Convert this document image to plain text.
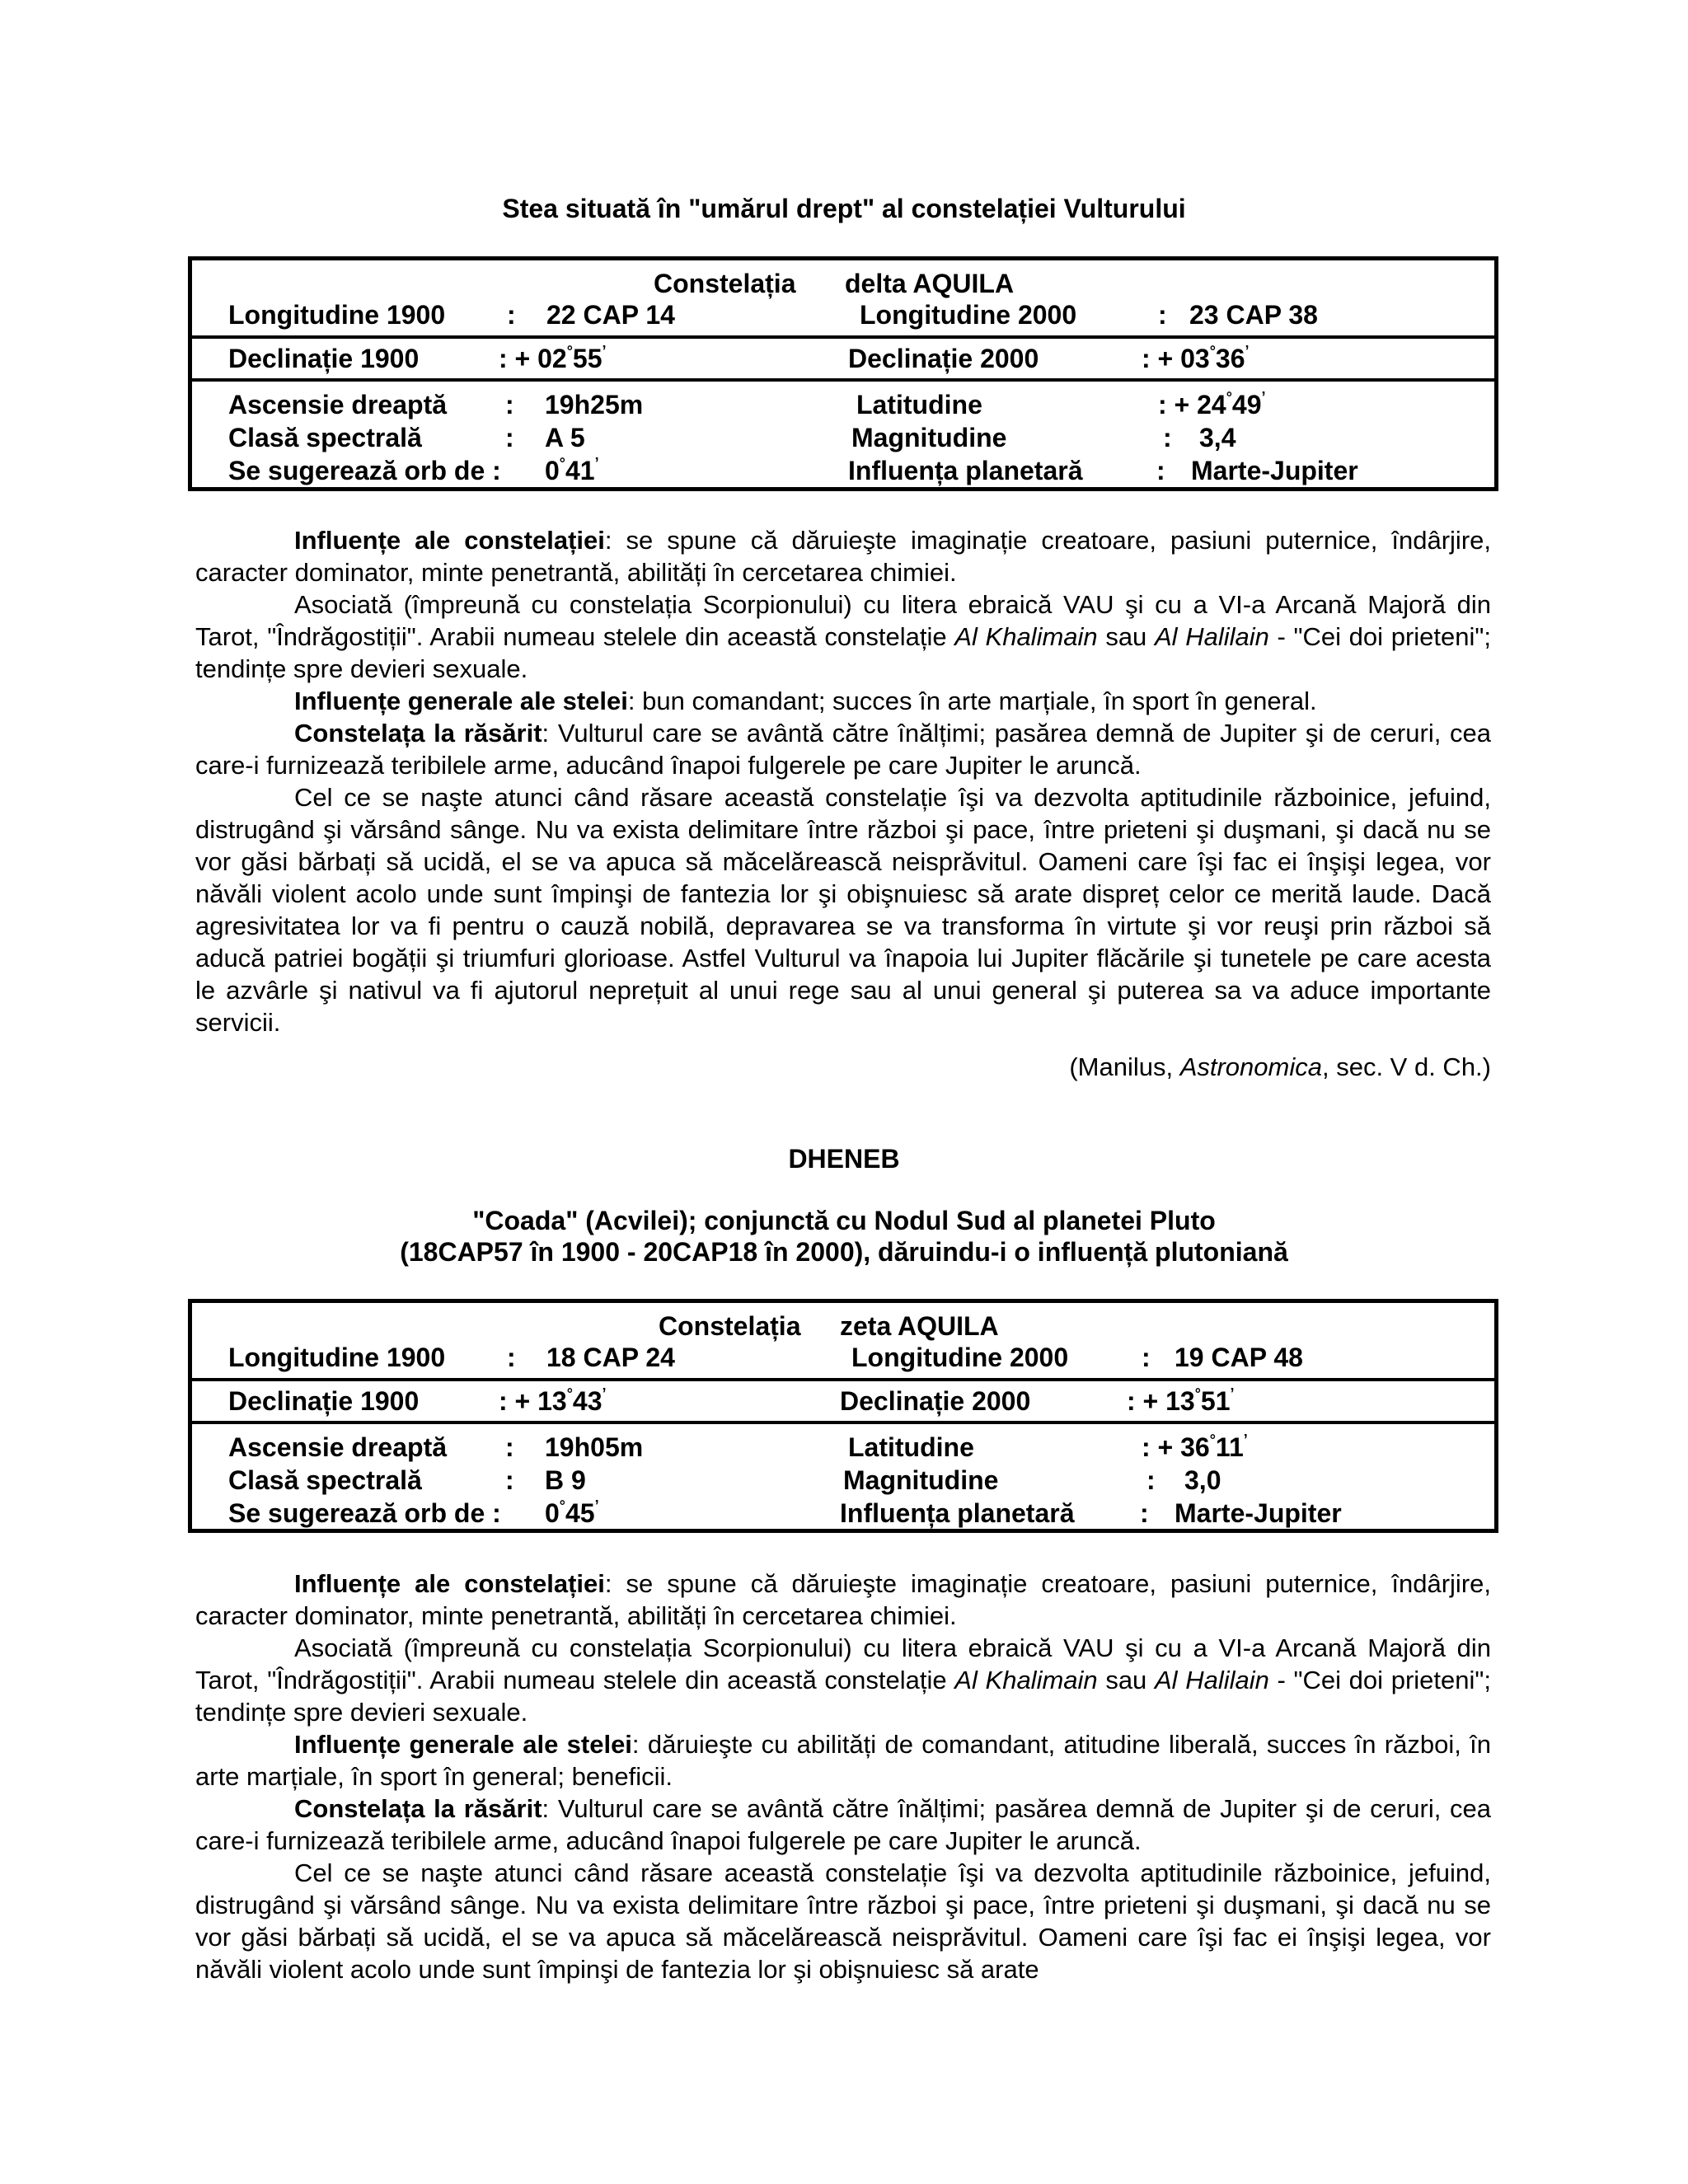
Stea situată în "umărul drept" al constelației Vulturului
Constelația delta AQUILA
Longitudine 1900 : 22 CAP 14	Longitudine 2000	: 23 CAP 38
Declinație 1900	: + 02°55’	Declinație 2000	: + 03°36’
Ascensie dreaptă : 19h25m	Latitudine	: + 24°49’
Clasă spectrală	: A 5	Magnitudine	: 3,4
Se sugerează orb de : 0°41’	Influența planetară	: Marte-Jupiter

Influențe ale constelației: se spune că dăruieşte imaginație creatoare, pasiuni puternice, îndârjire, caracter dominator, minte penetrantă, abilități în cercetarea chimiei.

Asociată (împreună cu constelația Scorpionului) cu litera ebraică VAU şi cu a VI-a Arcană Majoră din Tarot, "Îndrăgostiții". Arabii numeau stelele din această constelație Al Khalimain sau Al Halilain - "Cei doi prieteni"; tendințe spre devieri sexuale.

Influențe generale ale stelei: bun comandant; succes în arte marțiale, în sport în general.

Constelața la răsărit: Vulturul care se avântă către înălțimi; pasărea demnă de Jupiter şi de ceruri, cea care-i furnizează teribilele arme, aducând înapoi fulgerele pe care Jupiter le aruncă.

Cel ce se naşte atunci când răsare această constelație îşi va dezvolta aptitudinile războinice, jefuind, distrugând şi vărsând sânge. Nu va exista delimitare între război şi pace, între prieteni şi duşmani, şi dacă nu se vor găsi bărbați să ucidă, el se va apuca să măcelărească neisprăvitul. Oameni care îşi fac ei înşişi legea, vor năvăli violent acolo unde sunt împinşi de fantezia lor şi obişnuiesc să arate dispreț celor ce merită laude. Dacă agresivitatea lor va fi pentru o cauză nobilă, depravarea se va transforma în virtute şi vor reuşi prin război să aducă patriei bogății şi triumfuri glorioase. Astfel Vulturul va înapoia lui Jupiter flăcările şi tunetele pe care acesta le azvârle şi nativul va fi ajutorul neprețuit al unui rege sau al unui general şi puterea sa va aduce importante servicii.

(Manilus, Astronomica, sec. V d. Ch.)
DHENEB
"Coada" (Acvilei); conjunctă cu Nodul Sud al planetei Pluto
(18CAP57 în 1900 - 20CAP18 în 2000), dăruindu-i o influență plutoniană
Constelația zeta AQUILA
Longitudine 1900 : 18 CAP 24	Longitudine 2000	: 19 CAP 48
Declinație 1900	: + 13°43’	Declinație 2000	: + 13°51’
Ascensie dreaptă : 19h05m	Latitudine	: + 36°11’
Clasă spectrală	: B 9	Magnitudine	: 3,0
Se sugerează orb de : 0°45’	Influența planetară : Marte-Jupiter

Influențe ale constelației: se spune că dăruieşte imaginație creatoare, pasiuni puternice, îndârjire, caracter dominator, minte penetrantă, abilități în cercetarea chimiei.

Asociată (împreună cu constelația Scorpionului) cu litera ebraică VAU şi cu a VI-a Arcană Majoră din Tarot, "Îndrăgostiții". Arabii numeau stelele din această constelație Al Khalimain sau Al Halilain - "Cei doi prieteni"; tendințe spre devieri sexuale.

Influențe generale ale stelei: dăruieşte cu abilități de comandant, atitudine liberală, succes în război, în arte marțiale, în sport în general; beneficii.

Constelața la răsărit: Vulturul care se avântă către înălțimi; pasărea demnă de Jupiter şi de ceruri, cea care-i furnizează teribilele arme, aducând înapoi fulgerele pe care Jupiter le aruncă.

Cel ce se naşte atunci când răsare această constelație îşi va dezvolta aptitudinile războinice, jefuind, distrugând şi vărsând sânge. Nu va exista delimitare între război şi pace, între prieteni şi duşmani, şi dacă nu se vor găsi bărbați să ucidă, el se va apuca să măcelărească neisprăvitul. Oameni care îşi fac ei înşişi legea, vor năvăli violent acolo unde sunt împinşi de fantezia lor şi obişnuiesc să arate
